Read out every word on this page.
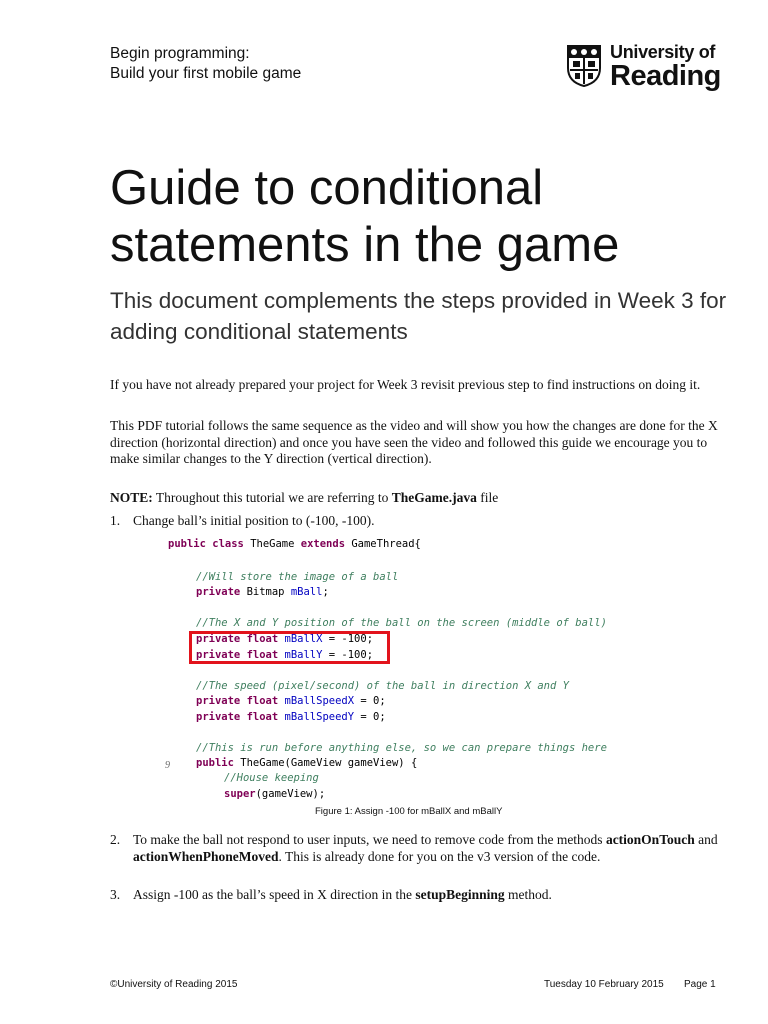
Begin programming:
Build your first mobile game
University of
Reading
Guide to conditional statements in the game
This document complements the steps provided in Week 3 for adding conditional statements
If you have not already prepared your project for Week 3 revisit previous step to find instructions on doing it.
This PDF tutorial follows the same sequence as the video and will show you how the changes are done for the X direction (horizontal direction) and once you have seen the video and followed this guide we encourage you to make similar changes to the Y direction (vertical direction).
NOTE: Throughout this tutorial we are referring to TheGame.java file
1. Change ball’s initial position to (-100, -100).
public class TheGame extends GameThread{
//Will store the image of a ball
private Bitmap mBall;
//The X and Y position of the ball on the screen (middle of ball)
private float mBallX = -100;
private float mBallY = -100;
//The speed (pixel/second) of the ball in direction X and Y
private float mBallSpeedX = 0;
private float mBallSpeedY = 0;
//This is run before anything else, so we can prepare things here
public TheGame(GameView gameView) {
//House keeping
super(gameView);
9
Figure 1: Assign -100 for mBallX and mBallY
2. To make the ball not respond to user inputs, we need to remove code from the methods actionOnTouch and actionWhenPhoneMoved. This is already done for you on the v3 version of the code.
3. Assign -100 as the ball’s speed in X direction in the setupBeginning method.
©University of Reading 2015	Tuesday 10 February 2015 Page 1
